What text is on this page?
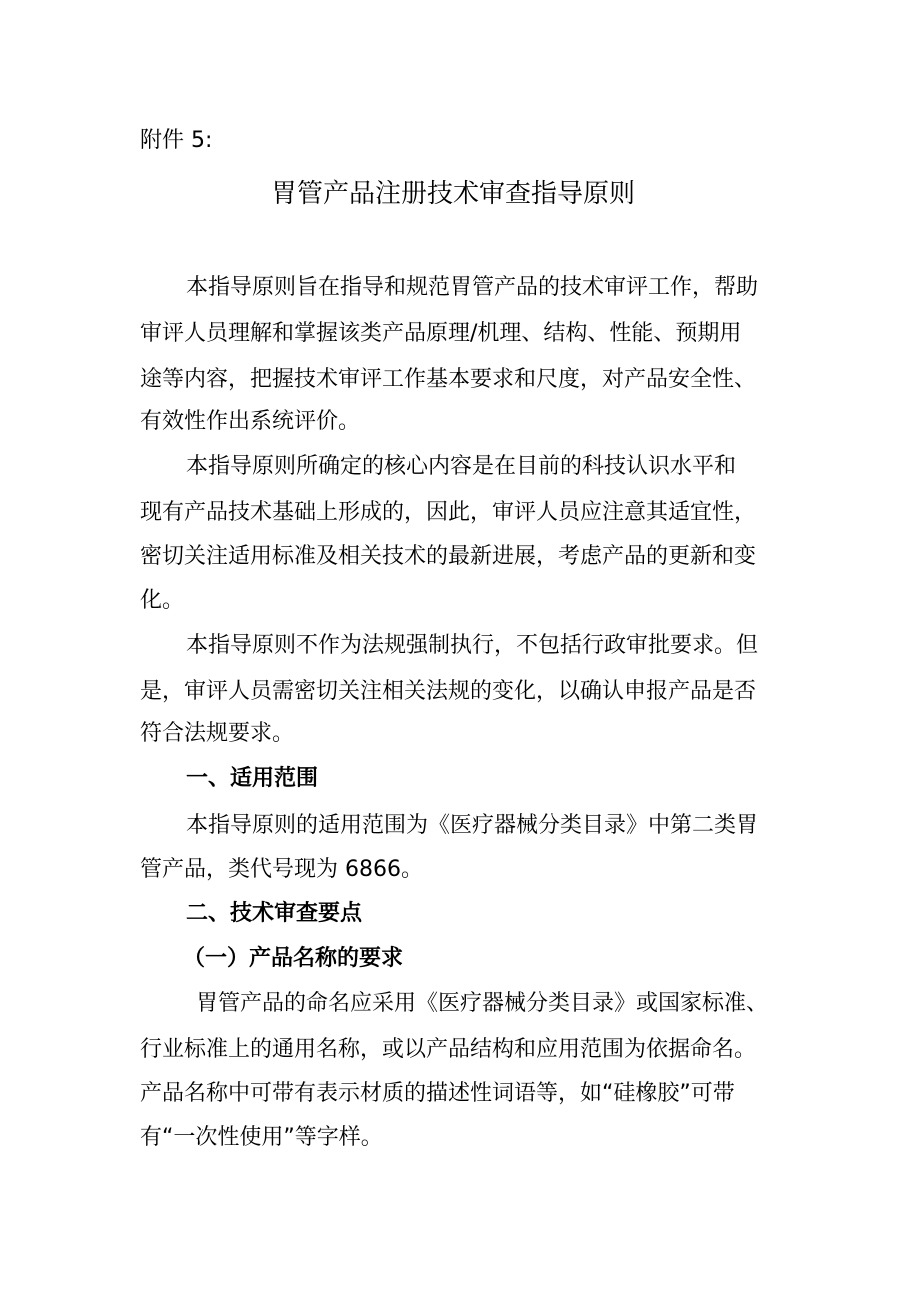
附件 5:
胃管产品注册技术审查指导原则
本指导原则旨在指导和规范胃管产品的技术审评工作，帮助
审评人员理解和掌握该类产品原理/机理、结构、性能、预期用
途等内容，把握技术审评工作基本要求和尺度，对产品安全性、
有效性作出系统评价。
本指导原则所确定的核心内容是在目前的科技认识水平和
现有产品技术基础上形成的，因此，审评人员应注意其适宜性，
密切关注适用标准及相关技术的最新进展，考虑产品的更新和变
化。
本指导原则不作为法规强制执行，不包括行政审批要求。但
是，审评人员需密切关注相关法规的变化，以确认申报产品是否
符合法规要求。
一、适用范围
本指导原则的适用范围为《医疗器械分类目录》中第二类胃
管产品，类代号现为 6866。
二、技术审查要点
（一）产品名称的要求
胃管产品的命名应采用《医疗器械分类目录》或国家标准、
行业标准上的通用名称，或以产品结构和应用范围为依据命名。
产品名称中可带有表示材质的描述性词语等，如“硅橡胶”可带
有“一次性使用”等字样。
